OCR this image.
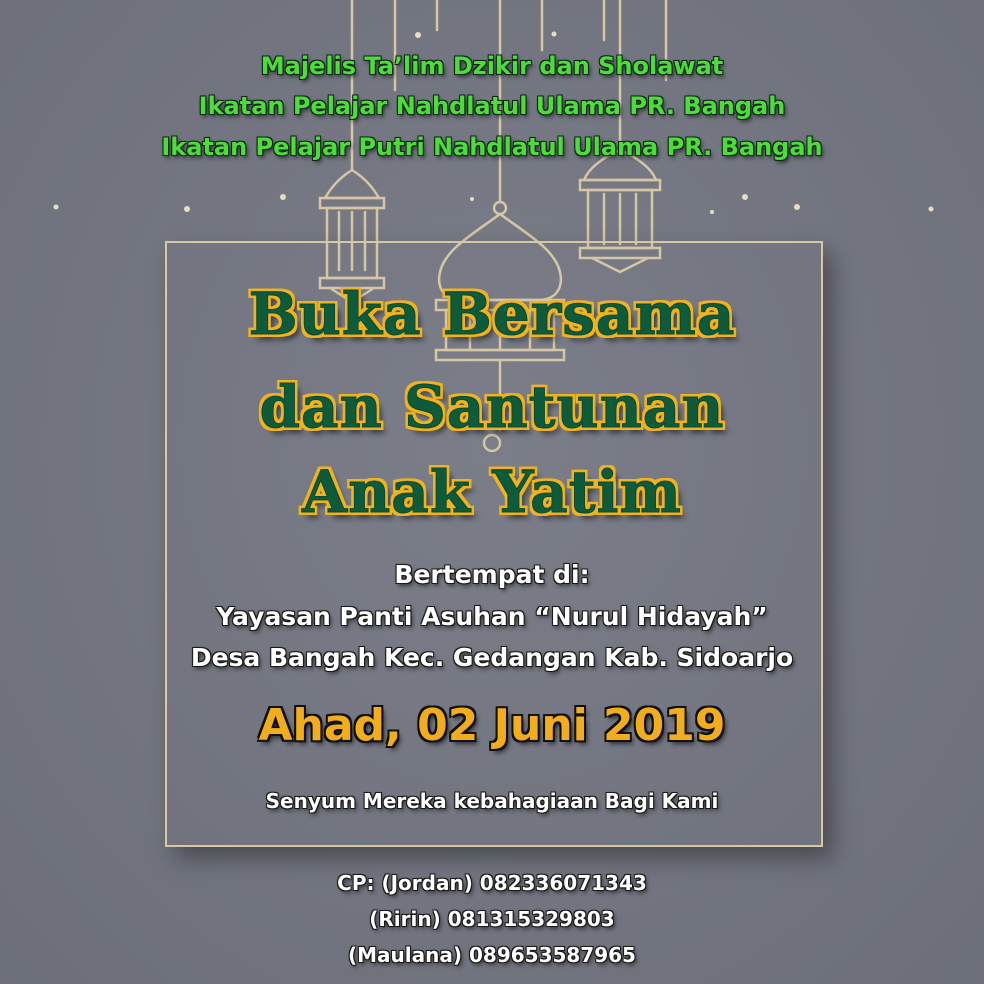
Majelis Ta’lim Dzikir dan Sholawat
Ikatan Pelajar Nahdlatul Ulama PR. Bangah
Ikatan Pelajar Putri Nahdlatul Ulama PR. Bangah
Buka Bersama
dan Santunan
Anak Yatim
Bertempat di:
Yayasan Panti Asuhan “Nurul Hidayah”
Desa Bangah Kec. Gedangan Kab. Sidoarjo
Ahad, 02 Juni 2019
Senyum Mereka kebahagiaan Bagi Kami
CP: (Jordan) 082336071343
(Ririn) 081315329803
(Maulana) 089653587965
